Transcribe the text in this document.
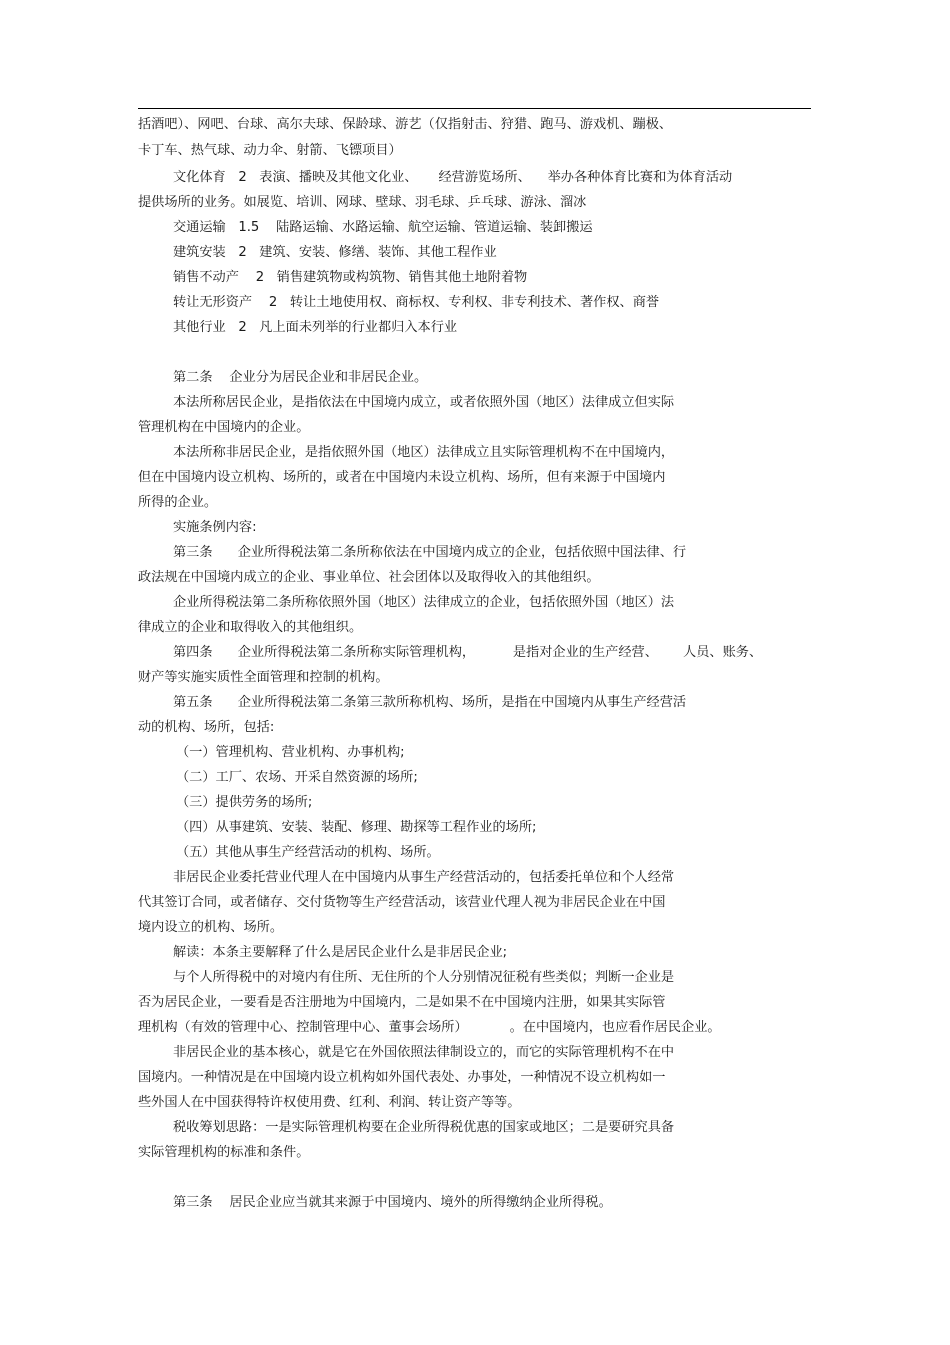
括酒吧）、网吧、台球、高尔夫球、保龄球、游艺（仅指射击、狩猎、跑马、游戏机、蹦极、
卡丁车、热气球、动力伞、射箭、飞镖项目）
文化体育   2   表演、播映及其他文化业、     经营游览场所、    举办各种体育比赛和为体育活动
提供场所的业务。如展览、培训、网球、壁球、羽毛球、乒乓球、游泳、溜冰
交通运输   1.5    陆路运输、水路运输、航空运输、管道运输、装卸搬运
建筑安装   2   建筑、安装、修缮、装饰、其他工程作业
销售不动产    2   销售建筑物或构筑物、销售其他土地附着物
转让无形资产    2   转让土地使用权、商标权、专利权、非专利技术、著作权、商誉
其他行业   2   凡上面未列举的行业都归入本行业
第二条    企业分为居民企业和非居民企业。
本法所称居民企业，是指依法在中国境内成立，或者依照外国（地区）法律成立但实际
管理机构在中国境内的企业。
本法所称非居民企业，是指依照外国（地区）法律成立且实际管理机构不在中国境内，
但在中国境内设立机构、场所的，或者在中国境内未设立机构、场所，但有来源于中国境内
所得的企业。
实施条例内容:
第三条      企业所得税法第二条所称依法在中国境内成立的企业，包括依照中国法律、行
政法规在中国境内成立的企业、事业单位、社会团体以及取得收入的其他组织。
企业所得税法第二条所称依照外国（地区）法律成立的企业，包括依照外国（地区）法
律成立的企业和取得收入的其他组织。
第四条      企业所得税法第二条所称实际管理机构，         是指对企业的生产经营、      人员、账务、
财产等实施实质性全面管理和控制的机构。
第五条      企业所得税法第二条第三款所称机构、场所，是指在中国境内从事生产经营活
动的机构、场所，包括:
（一）管理机构、营业机构、办事机构;
（二）工厂、农场、开采自然资源的场所;
（三）提供劳务的场所;
（四）从事建筑、安装、装配、修理、勘探等工程作业的场所;
（五）其他从事生产经营活动的机构、场所。
非居民企业委托营业代理人在中国境内从事生产经营活动的，包括委托单位和个人经常
代其签订合同，或者储存、交付货物等生产经营活动，该营业代理人视为非居民企业在中国
境内设立的机构、场所。
解读：本条主要解释了什么是居民企业什么是非居民企业;
与个人所得税中的对境内有住所、无住所的个人分别情况征税有些类似；判断一企业是
否为居民企业，一要看是否注册地为中国境内，二是如果不在中国境内注册，如果其实际管
理机构（有效的管理中心、控制管理中心、董事会场所）          。在中国境内，也应看作居民企业。
非居民企业的基本核心，就是它在外国依照法律制设立的，而它的实际管理机构不在中
国境内。一种情况是在中国境内设立机构如外国代表处、办事处，一种情况不设立机构如一
些外国人在中国获得特许权使用费、红利、利润、转让资产等等。
税收筹划思路：一是实际管理机构要在企业所得税优惠的国家或地区；二是要研究具备
实际管理机构的标准和条件。
第三条    居民企业应当就其来源于中国境内、境外的所得缴纳企业所得税。
